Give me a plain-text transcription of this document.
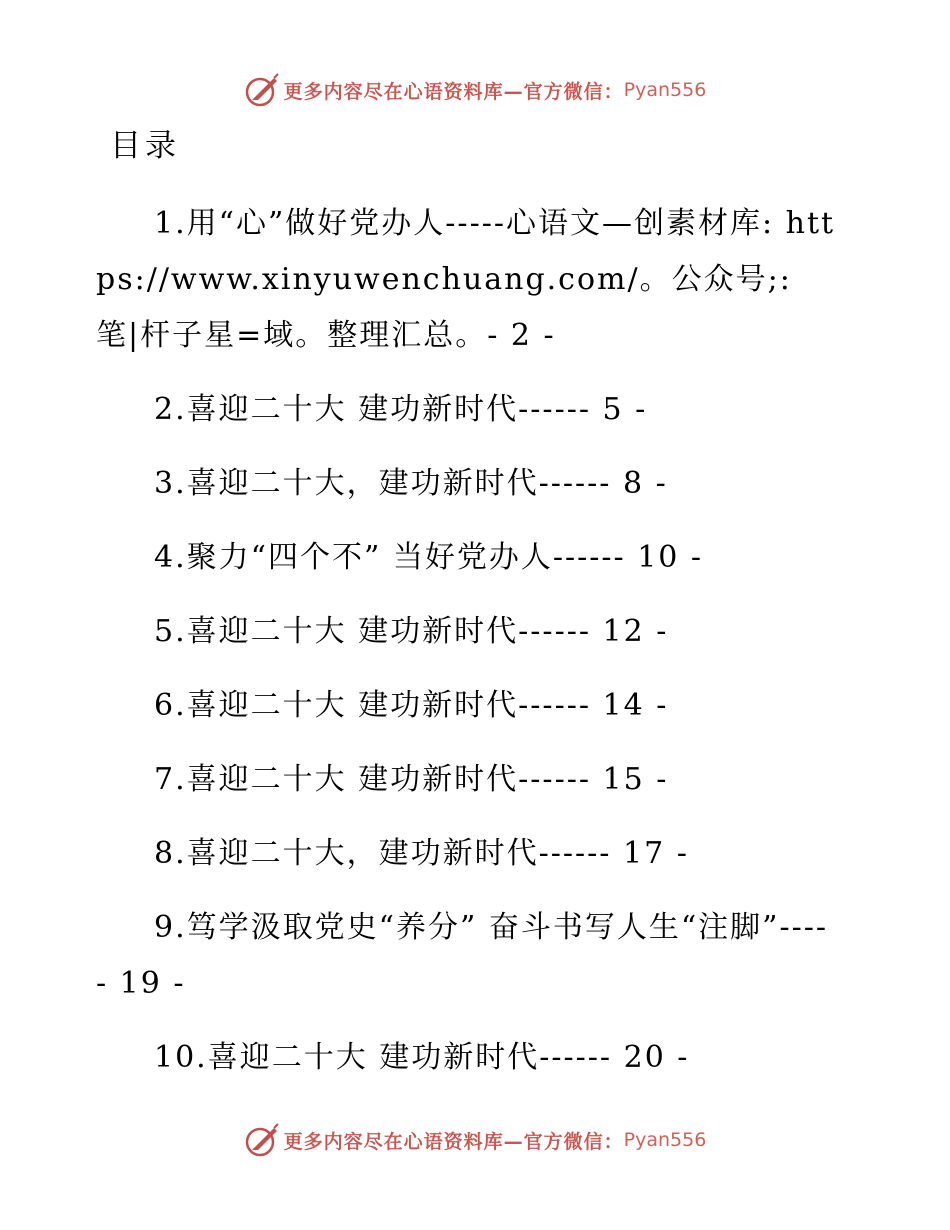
更多内容尽在心语资料库—官方微信： Pyan556
目录
1.用“心”做好党办人-----心语文—创素材库: https://www.xinyuwenchuang.com/。公众号;: 笔|杆子星=域。整理汇总。- 2 -
2.喜迎二十大 建功新时代------ 5 -
3.喜迎二十大，建功新时代------ 8 -
4.聚力“四个不” 当好党办人------ 10 -
5.喜迎二十大 建功新时代------ 12 -
6.喜迎二十大 建功新时代------ 14 -
7.喜迎二十大 建功新时代------ 15 -
8.喜迎二十大，建功新时代------ 17 -
9.笃学汲取党史“养分” 奋斗书写人生“注脚”----- 19 -
10.喜迎二十大 建功新时代------ 20 -
更多内容尽在心语资料库—官方微信： Pyan556
